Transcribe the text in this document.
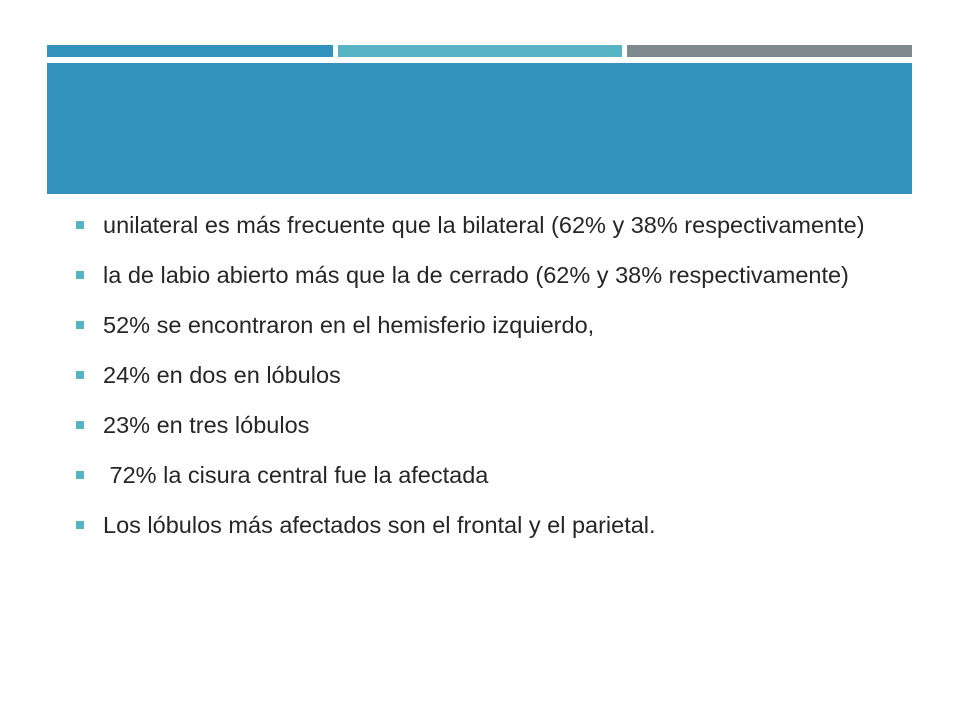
unilateral es más frecuente que la bilateral (62% y 38% respectivamente)
la de labio abierto más que la de cerrado (62% y 38% respectivamente)
52% se encontraron en el hemisferio izquierdo,
24% en dos en lóbulos
23% en tres lóbulos
72% la cisura central fue la afectada
Los lóbulos más afectados son el frontal y el parietal.
